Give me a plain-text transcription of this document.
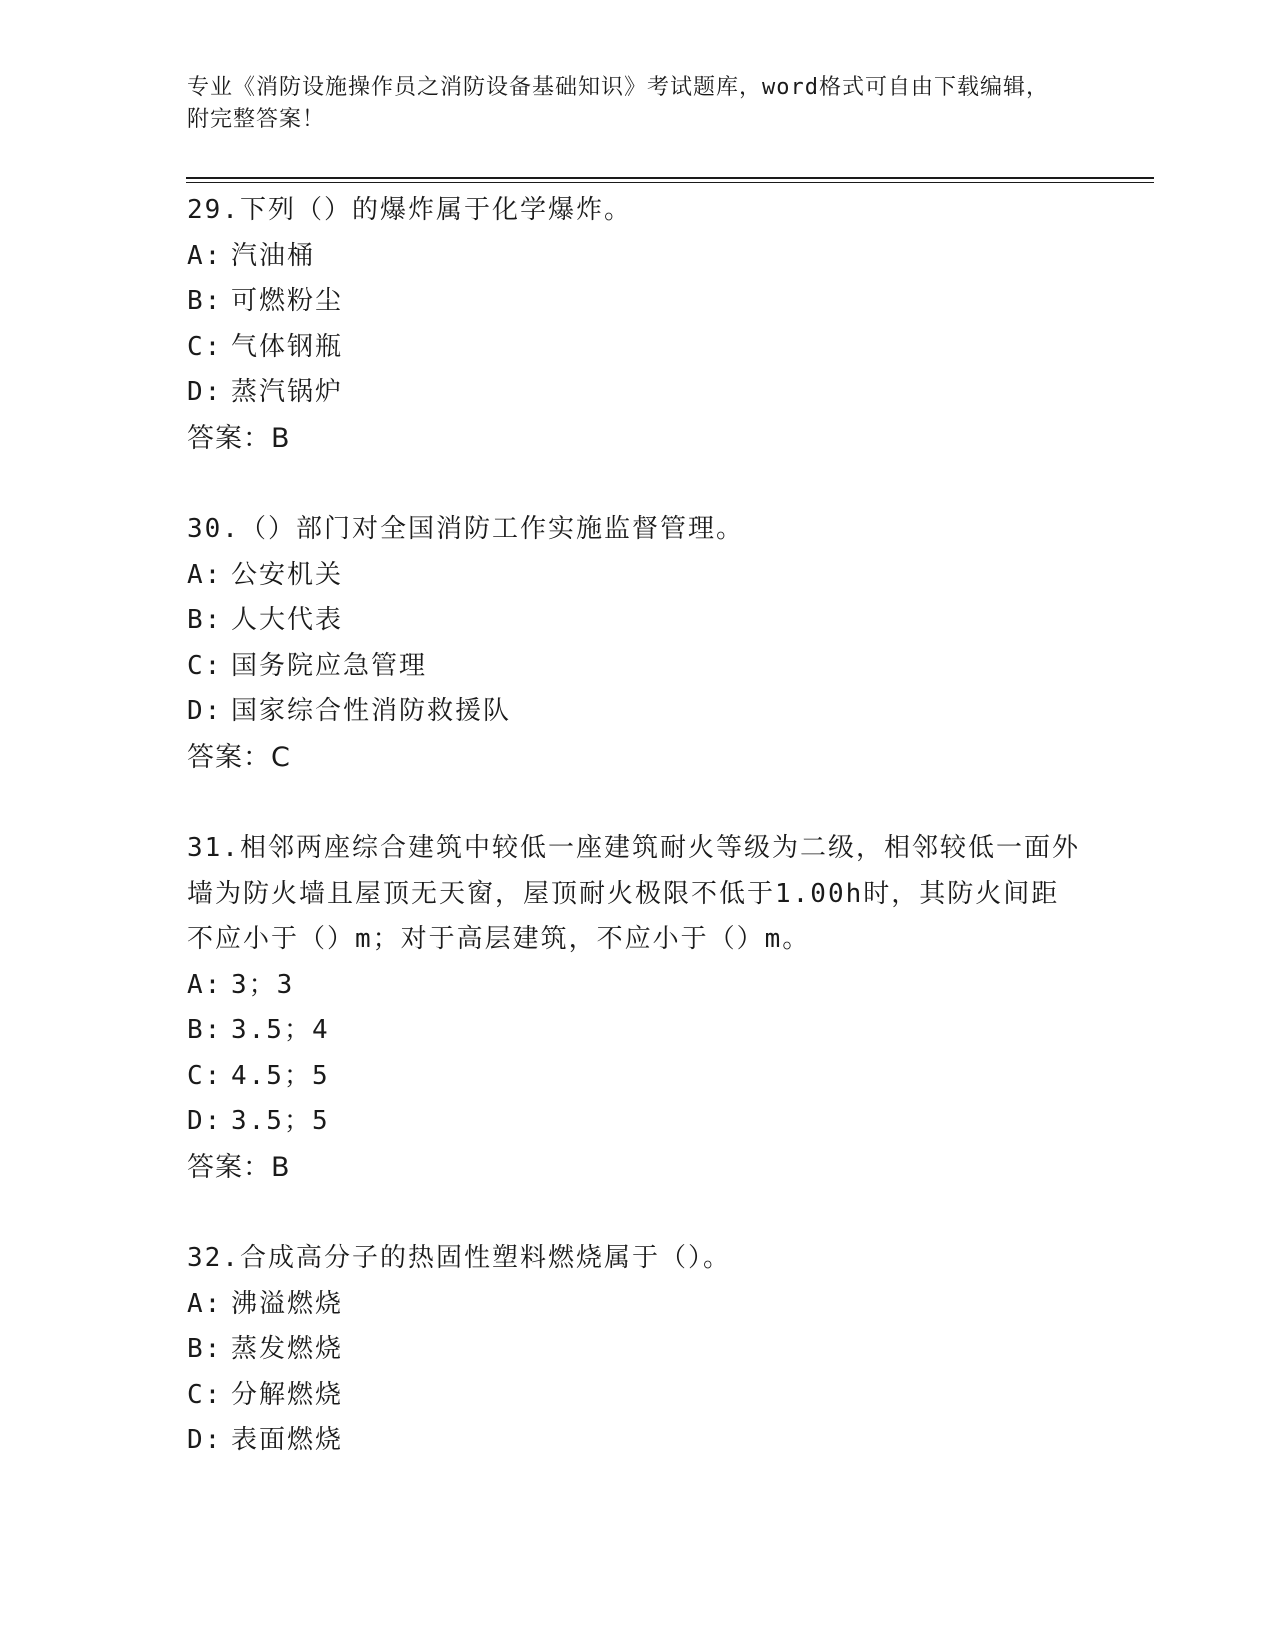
专业《消防设施操作员之消防设备基础知识》考试题库，word格式可自由下载编辑，附完整答案！
29.下列（）的爆炸属于化学爆炸。
A: 汽油桶
B: 可燃粉尘
C: 气体钢瓶
D: 蒸汽锅炉
答案：B
30.（）部门对全国消防工作实施监督管理。
A: 公安机关
B: 人大代表
C: 国务院应急管理
D: 国家综合性消防救援队
答案：C
31.相邻两座综合建筑中较低一座建筑耐火等级为二级，相邻较低一面外墙为防火墙且屋顶无天窗，屋顶耐火极限不低于1.00h时，其防火间距不应小于（）m；对于高层建筑，不应小于（）m。
A: 3；3
B: 3.5；4
C: 4.5；5
D: 3.5；5
答案：B
32.合成高分子的热固性塑料燃烧属于（）。
A: 沸溢燃烧
B: 蒸发燃烧
C: 分解燃烧
D: 表面燃烧
